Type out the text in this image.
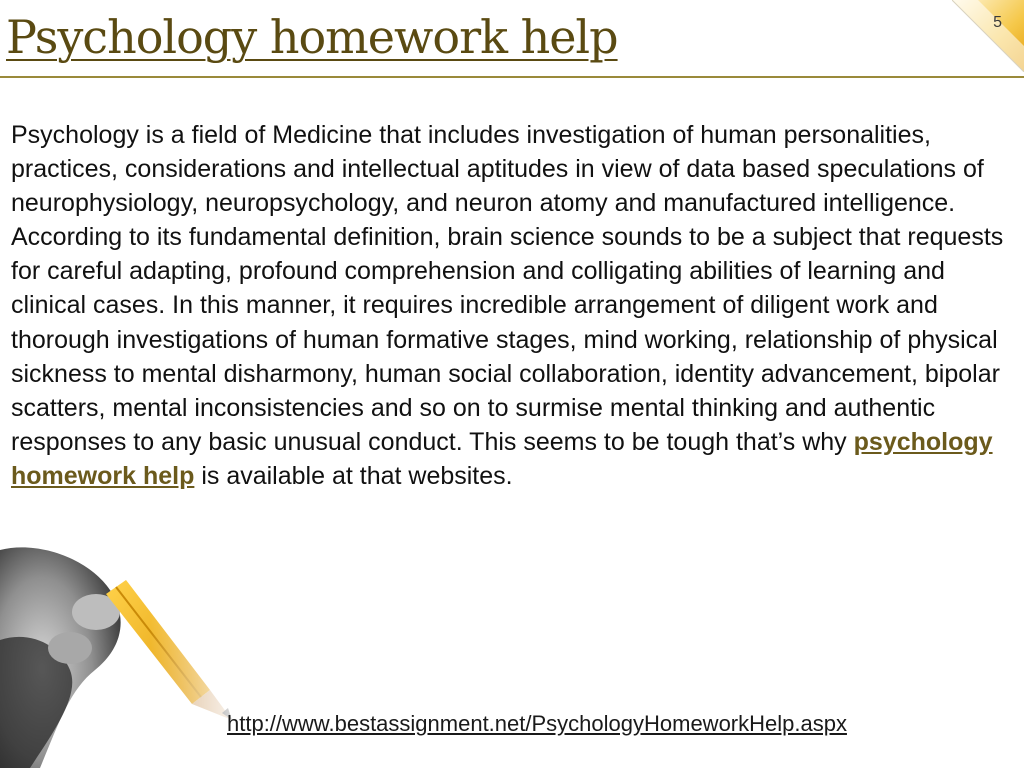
Psychology homework help	5

Psychology is a field of Medicine that includes investigation of human personalities, practices, considerations and intellectual aptitudes in view of data based speculations of neurophysiology, neuropsychology, and neuron atomy and manufactured intelligence. According to its fundamental definition, brain science sounds to be a subject that requests for careful adapting, profound comprehension and colligating abilities of learning and clinical cases. In this manner, it requires incredible arrangement of diligent work and thorough investigations of human formative stages, mind working, relationship of physical sickness to mental disharmony, human social collaboration, identity advancement, bipolar scatters, mental inconsistencies and so on to surmise mental thinking and authentic responses to any basic unusual conduct. This seems to be tough that’s why psychology homework help is available at that websites.

http://www.bestassignment.net/PsychologyHomeworkHelp.aspx
